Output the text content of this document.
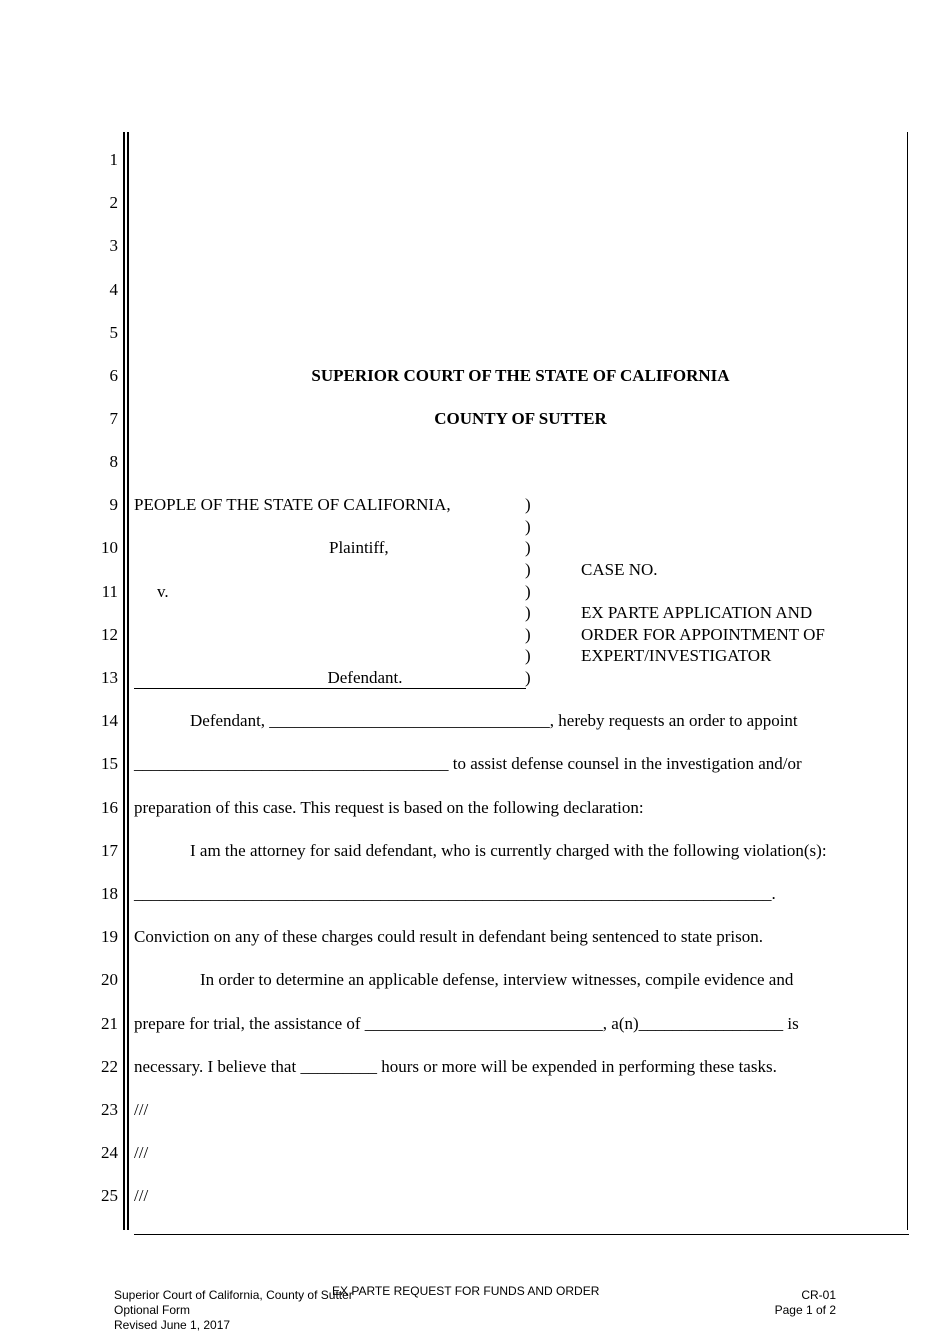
1
2
3
4
5
6
7
8
9
10
11
12
13
14
15
16
17
18
19
20
21
22
23
24
25
SUPERIOR COURT OF THE STATE OF CALIFORNIA
COUNTY OF SUTTER
PEOPLE OF THE STATE OF CALIFORNIA,
Plaintiff,
v.
Defendant.
)
)
)
)
)
)
)
)
)
CASE NO.
EX PARTE APPLICATION AND
ORDER FOR APPOINTMENT OF
EXPERT/INVESTIGATOR
Defendant, _________________________________, hereby requests an order to appoint
_____________________________________ to assist defense counsel in the investigation and/or
preparation of this case. This request is based on the following declaration:
I am the attorney for said defendant, who is currently charged with the following violation(s):
___________________________________________________________________________.
Conviction on any of these charges could result in defendant being sentenced to state prison.
In order to determine an applicable defense, interview witnesses, compile evidence and
prepare for trial, the assistance of ____________________________, a(n)_________________ is
necessary. I believe that _________ hours or more will be expended in performing these tasks.
///
///
///
Superior Court of California, County of Sutter
Optional Form
Revised June 1, 2017
EX PARTE REQUEST FOR FUNDS AND ORDER	CR-01
Page 1 of 2
